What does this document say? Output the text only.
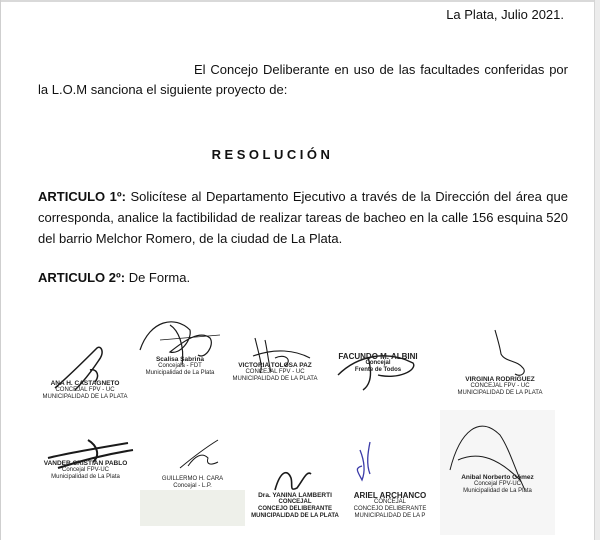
La Plata, Julio 2021.
El Concejo Deliberante en uso de las facultades conferidas por la L.O.M sanciona el siguiente proyecto de:
RESOLUCIÓN
ARTICULO 1º: Solicítese al Departamento Ejecutivo a través de la Dirección del área que corresponda, analice la factibilidad de realizar tareas de bacheo en la calle 156 esquina 520 del barrio Melchor Romero, de la ciudad de La Plata.
ARTICULO 2º: De Forma.
ANA H. CASTAGNETO
CONCEJAL FPV - UC
MUNICIPALIDAD DE LA PLATA
Scalisa Sabrina
Concejala - FDT
Municipalidad de La Plata
VICTORIA TOLOSA PAZ
CONCEJAL FPV - UC
MUNICIPALIDAD DE LA PLATA
FACUNDO M. ALBINI
Concejal
Frente de Todos
VIRGINIA RODRIGUEZ
CONCEJAL FPV - UC
MUNICIPALIDAD DE LA PLATA
VANDER CRISTIAN PABLO
Concejal FPV-UC
Municipalidad de La Plata	GUILLERMO H. CARA
Concejal - L.P.
Dra. YANINA LAMBERTI
CONCEJAL
CONCEJO DELIBERANTE
MUNICIPALIDAD DE LA PLATA
ARIEL ARCHANCO
CONCEJAL
CONCEJO DELIBERANTE
MUNICIPALIDAD DE LA P
Anibal Norberto Gómez
Concejal FPV-UC
Municipalidad de La Plata
